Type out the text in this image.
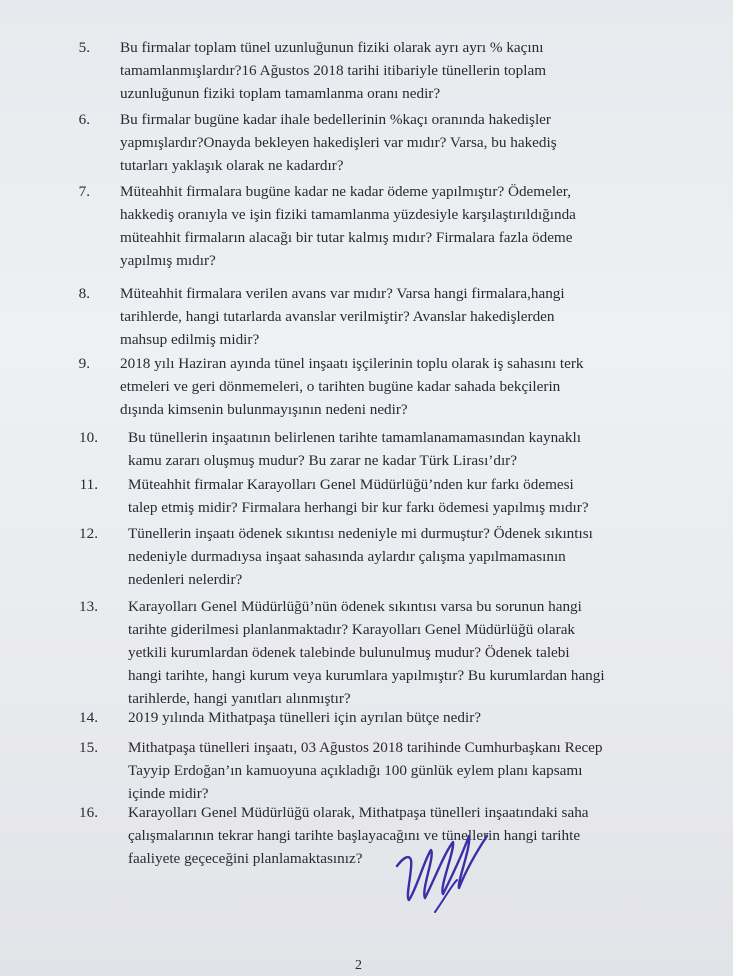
5. Bu firmalar toplam tünel uzunluğunun fiziki olarak ayrı ayrı % kaçını
tamamlanmışlardır?16 Ağustos 2018 tarihi itibariyle tünellerin toplam
uzunluğunun fiziki toplam tamamlanma oranı nedir?
6. Bu firmalar bugüne kadar ihale bedellerinin %kaçı oranında hakedişler
yapmışlardır?Onayda bekleyen hakedişleri var mıdır? Varsa, bu hakediş
tutarları yaklaşık olarak ne kadardır?
7. Müteahhit firmalara bugüne kadar ne kadar ödeme yapılmıştır? Ödemeler,
hakkediş oranıyla ve işin fiziki tamamlanma yüzdesiyle karşılaştırıldığında
müteahhit firmaların alacağı bir tutar kalmış mıdır? Firmalara fazla ödeme
yapılmış mıdır?
8. Müteahhit firmalara verilen avans var mıdır? Varsa hangi firmalara,hangi
tarihlerde, hangi tutarlarda avanslar verilmiştir? Avanslar hakedişlerden
mahsup edilmiş midir?
9. 2018 yılı Haziran ayında tünel inşaatı işçilerinin toplu olarak iş sahasını terk
etmeleri ve geri dönmemeleri, o tarihten bugüne kadar sahada bekçilerin
dışında kimsenin bulunmayışının nedeni nedir?
10. Bu tünellerin inşaatının belirlenen tarihte tamamlanamamasından kaynaklı
kamu zararı oluşmuş mudur? Bu zarar ne kadar Türk Lirası’dır?
11. Müteahhit firmalar Karayolları Genel Müdürlüğü’nden kur farkı ödemesi
talep etmiş midir? Firmalara herhangi bir kur farkı ödemesi yapılmış mıdır?
12. Tünellerin inşaatı ödenek sıkıntısı nedeniyle mi durmuştur? Ödenek sıkıntısı
nedeniyle durmadıysa inşaat sahasında aylardır çalışma yapılmamasının
nedenleri nelerdir?
13. Karayolları Genel Müdürlüğü’nün ödenek sıkıntısı varsa bu sorunun hangi
tarihte giderilmesi planlanmaktadır? Karayolları Genel Müdürlüğü olarak
yetkili kurumlardan ödenek talebinde bulunulmuş mudur? Ödenek talebi
hangi tarihte, hangi kurum veya kurumlara yapılmıştır? Bu kurumlardan hangi
tarihlerde, hangi yanıtları alınmıştır?
14. 2019 yılında Mithatpaşa tünelleri için ayrılan bütçe nedir?
15. Mithatpaşa tünelleri inşaatı, 03 Ağustos 2018 tarihinde Cumhurbaşkanı Recep
Tayyip Erdoğan’ın kamuoyuna açıkladığı 100 günlük eylem planı kapsamı
içinde midir?
16. Karayolları Genel Müdürlüğü olarak, Mithatpaşa tünelleri inşaatındaki saha
çalışmalarının tekrar hangi tarihte başlayacağını ve tünellerin hangi tarihte
faaliyete geçeceğini planlamaktasınız?
2
